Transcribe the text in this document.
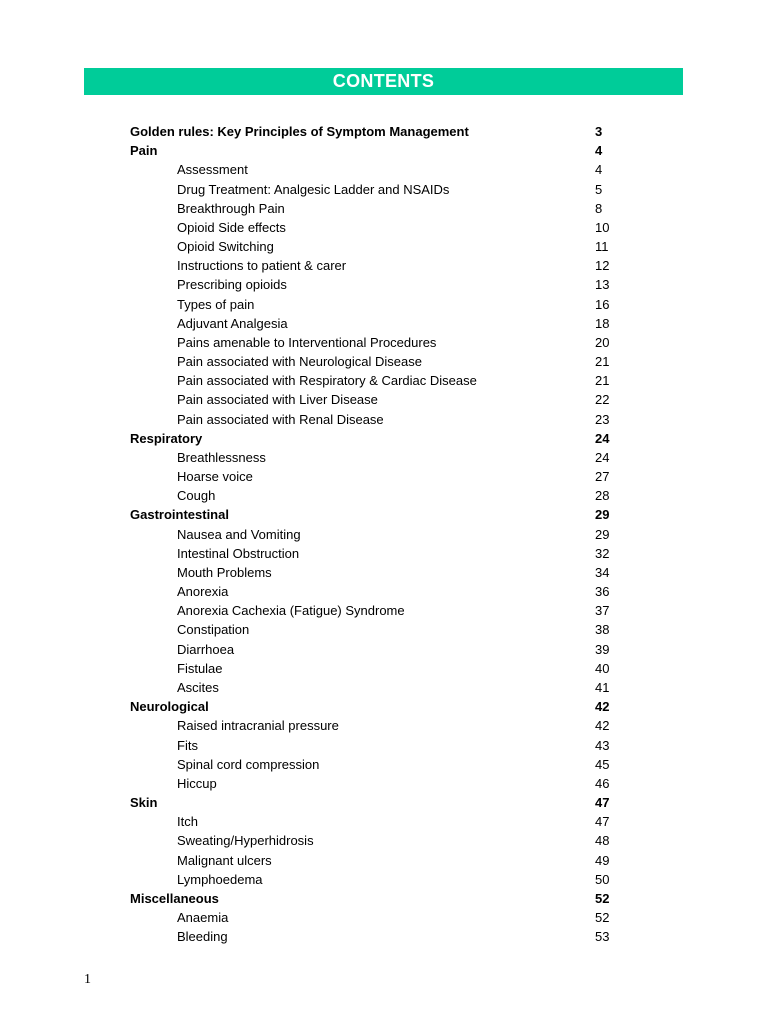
CONTENTS
Golden rules: Key Principles of Symptom Management	3
Pain	4
Assessment	4
Drug Treatment: Analgesic Ladder and NSAIDs	5
Breakthrough Pain	8
Opioid Side effects	10
Opioid Switching	11
Instructions to patient & carer	12
Prescribing opioids	13
Types of pain	16
Adjuvant Analgesia	18
Pains amenable to Interventional Procedures	20
Pain associated with Neurological Disease	21
Pain associated with Respiratory & Cardiac Disease	21
Pain associated with Liver Disease	22
Pain associated with Renal Disease	23
Respiratory	24
Breathlessness	24
Hoarse voice	27
Cough	28
Gastrointestinal	29
Nausea and Vomiting	29
Intestinal Obstruction	32
Mouth Problems	34
Anorexia	36
Anorexia Cachexia (Fatigue) Syndrome	37
Constipation	38
Diarrhoea	39
Fistulae	40
Ascites	41
Neurological	42
Raised intracranial pressure	42
Fits	43
Spinal cord compression	45
Hiccup	46
Skin	47
Itch	47
Sweating/Hyperhidrosis	48
Malignant ulcers	49
Lymphoedema	50
Miscellaneous	52
Anaemia	52
Bleeding	53
1
